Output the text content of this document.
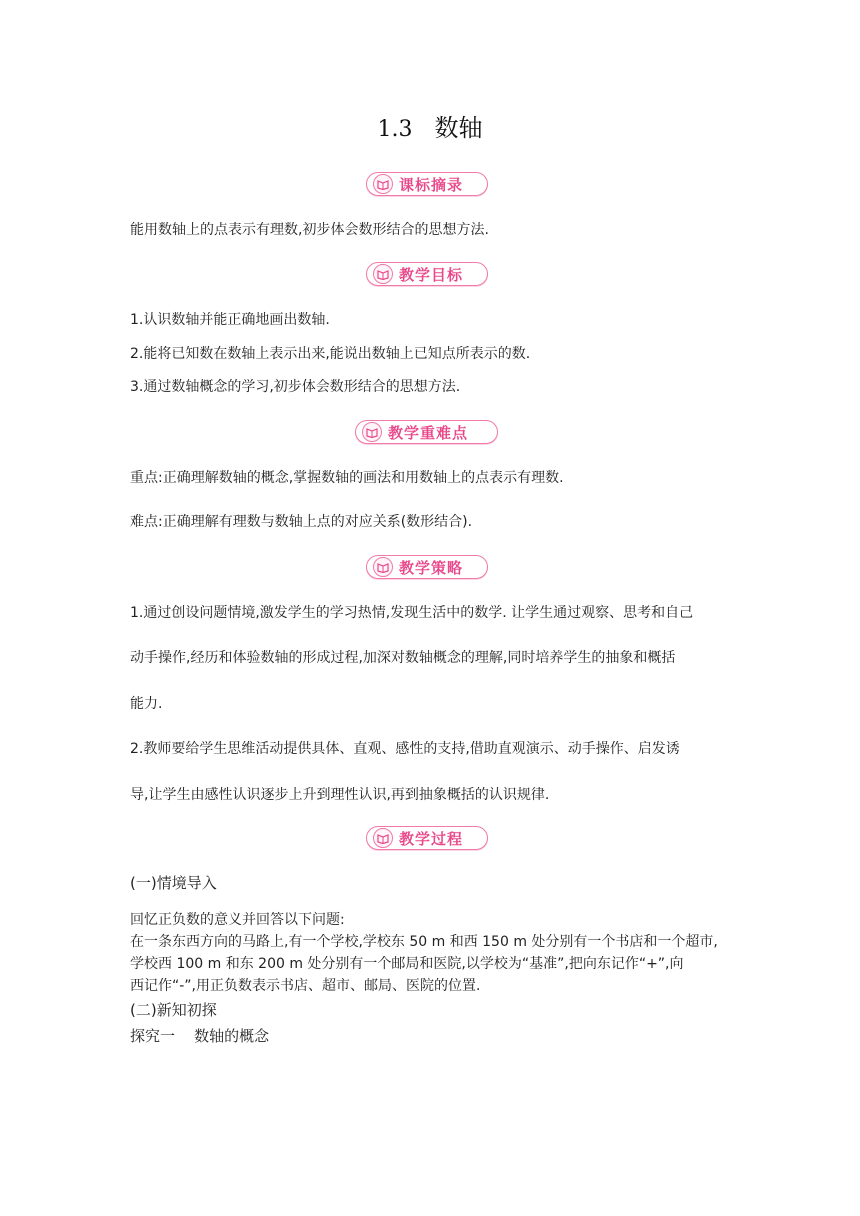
1.3 数轴
课标摘录
能用数轴上的点表示有理数,初步体会数形结合的思想方法.
教学目标
1.认识数轴并能正确地画出数轴.
2.能将已知数在数轴上表示出来,能说出数轴上已知点所表示的数.
3.通过数轴概念的学习,初步体会数形结合的思想方法.
教学重难点
重点:正确理解数轴的概念,掌握数轴的画法和用数轴上的点表示有理数.
难点:正确理解有理数与数轴上点的对应关系(数形结合).
教学策略
1.通过创设问题情境,激发学生的学习热情,发现生活中的数学. 让学生通过观察、思考和自己
动手操作,经历和体验数轴的形成过程,加深对数轴概念的理解,同时培养学生的抽象和概括
能力.
2.教师要给学生思维活动提供具体、直观、感性的支持,借助直观演示、动手操作、启发诱
导,让学生由感性认识逐步上升到理性认识,再到抽象概括的认识规律.
教学过程
(一)情境导入
回忆正负数的意义并回答以下问题:
在一条东西方向的马路上,有一个学校,学校东 50 m 和西 150 m 处分别有一个书店和一个超市,
学校西 100 m 和东 200 m 处分别有一个邮局和医院,以学校为“基准”,把向东记作“+”,向
西记作“-”,用正负数表示书店、超市、邮局、医院的位置.
(二)新知初探
探究一    数轴的概念
